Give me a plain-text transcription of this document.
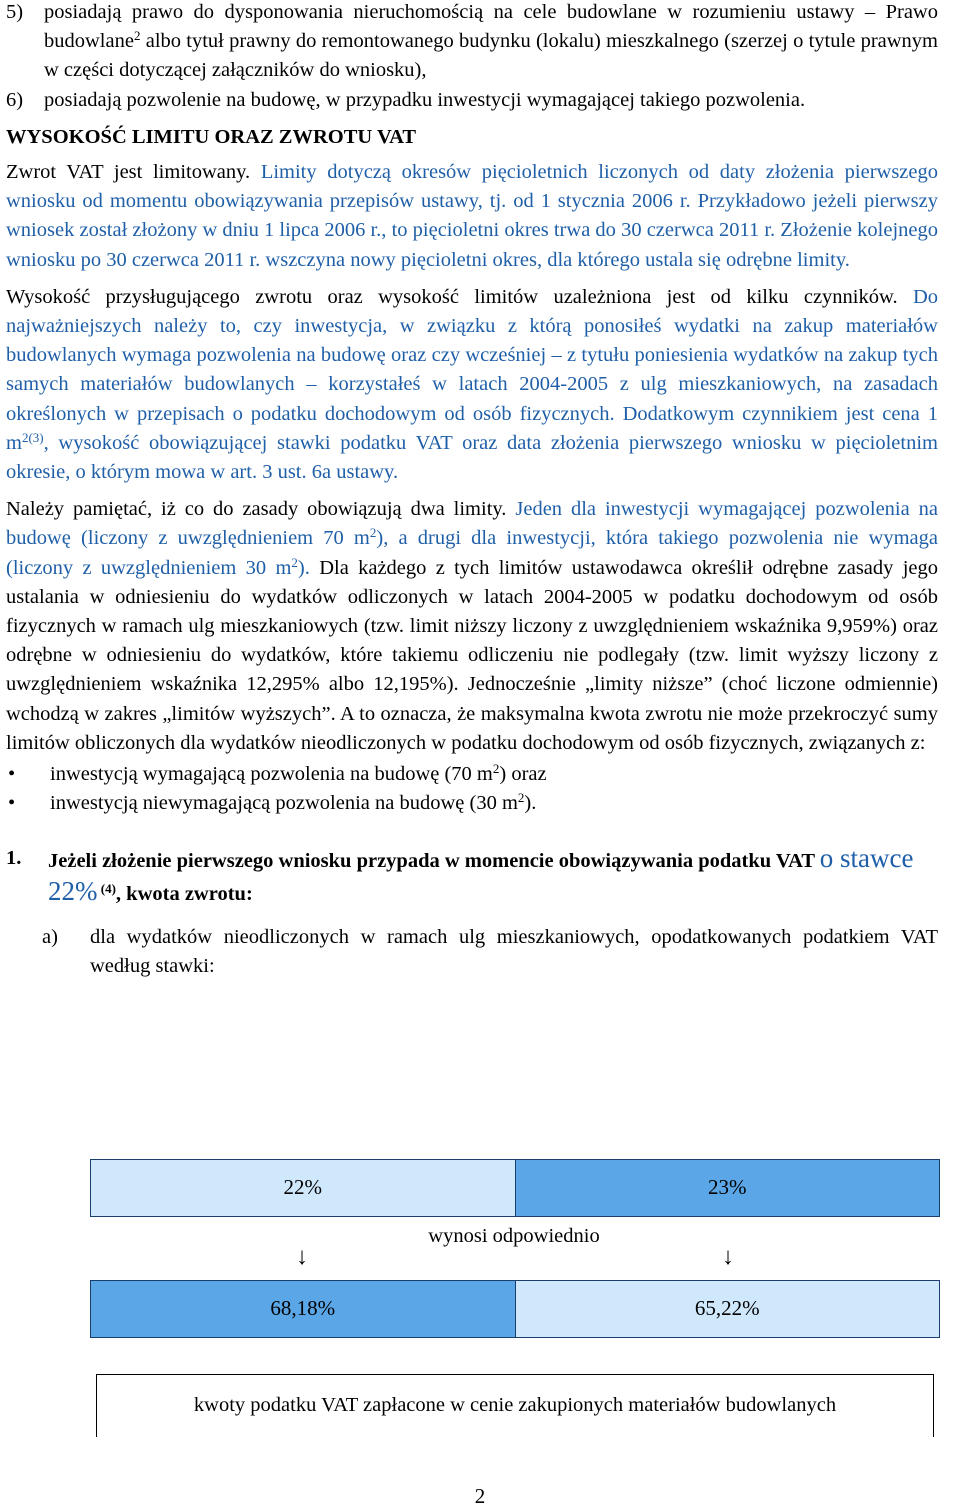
5)	posiadają prawo do dysponowania nieruchomością na cele budowlane w rozumieniu ustawy – Prawo budowlane$^2$ albo tytuł prawny do remontowanego budynku (lokalu) mieszkalnego (szerzej o tytule prawnym w części dotyczącej załączników do wniosku),
6)	posiadają pozwolenie na budowę, w przypadku inwestycji wymagającej takiego pozwolenia.

WYSOKOŚĆ LIMITU ORAZ ZWROTU VAT

Zwrot VAT jest limitowany. Limity dotyczą okresów pięcioletnich liczonych od daty złożenia pierwszego wniosku od momentu obowiązywania przepisów ustawy, tj. od 1 stycznia 2006 r. Przykładowo jeżeli pierwszy wniosek został złożony w dniu 1 lipca 2006 r., to pięcioletni okres trwa do 30 czerwca 2011 r. Złożenie kolejnego wniosku po 30 czerwca 2011 r. wszczyna nowy pięcioletni okres, dla którego ustala się odrębne limity.

Wysokość przysługującego zwrotu oraz wysokość limitów uzależniona jest od kilku czynników. Do najważniejszych należy to, czy inwestycja, w związku z którą ponosiłeś wydatki na zakup materiałów budowlanych wymaga pozwolenia na budowę oraz czy wcześniej – z tytułu poniesienia wydatków na zakup tych samych materiałów budowlanych – korzystałeś w latach 2004-2005 z ulg mieszkaniowych, na zasadach określonych w przepisach o podatku dochodowym od osób fizycznych. Dodatkowym czynnikiem jest cena 1 $m^{2(3)}$, wysokość obowiązującej stawki podatku VAT oraz data złożenia pierwszego wniosku w pięcioletnim okresie, o którym mowa w art. 3 ust. 6a ustawy.

Należy pamiętać, iż co do zasady obowiązują dwa limity. Jeden dla inwestycji wymagającej pozwolenia na budowę (liczony z uwzględnieniem 70 $m^2$), a drugi dla inwestycji, która takiego pozwolenia nie wymaga (liczony z uwzględnieniem 30 $m^2$). Dla każdego z tych limitów ustawodawca określił odrębne zasady jego ustalania w odniesieniu do wydatków odliczonych w latach 2004-2005 w podatku dochodowym od osób fizycznych w ramach ulg mieszkaniowych (tzw. limit niższy liczony z uwzględnieniem wskaźnika 9,959%) oraz odrębne w odniesieniu do wydatków, które takiemu odliczeniu nie podlegały (tzw. limit wyższy liczony z uwzględnieniem wskaźnika 12,295% albo 12,195%). Jednocześnie „limity niższe” (choć liczone odmiennie) wchodzą w zakres „limitów wyższych”. A to oznacza, że maksymalna kwota zwrotu nie może przekroczyć sumy limitów obliczonych dla wydatków nieodliczonych w podatku dochodowym od osób fizycznych, związanych z:

•	inwestycją wymagającą pozwolenia na budowę (70 $m^2$) oraz
•	inwestycją niewymagającą pozwolenia na budowę (30 $m^2$).
1.	Jeżeli złożenie pierwszego wniosku przypada w momencie obowiązywania podatku VAT o stawce 22% $^{(4)}$, kwota zwrotu:
a)	dla wydatków nieodliczonych w ramach ulg mieszkaniowych, opodatkowanych podatkiem VAT według stawki:
22%	23%
wynosi odpowiednio
↓	↓
68,18%	65,22%
kwoty podatku VAT zapłacone w cenie zakupionych materiałów budowlanych
2
